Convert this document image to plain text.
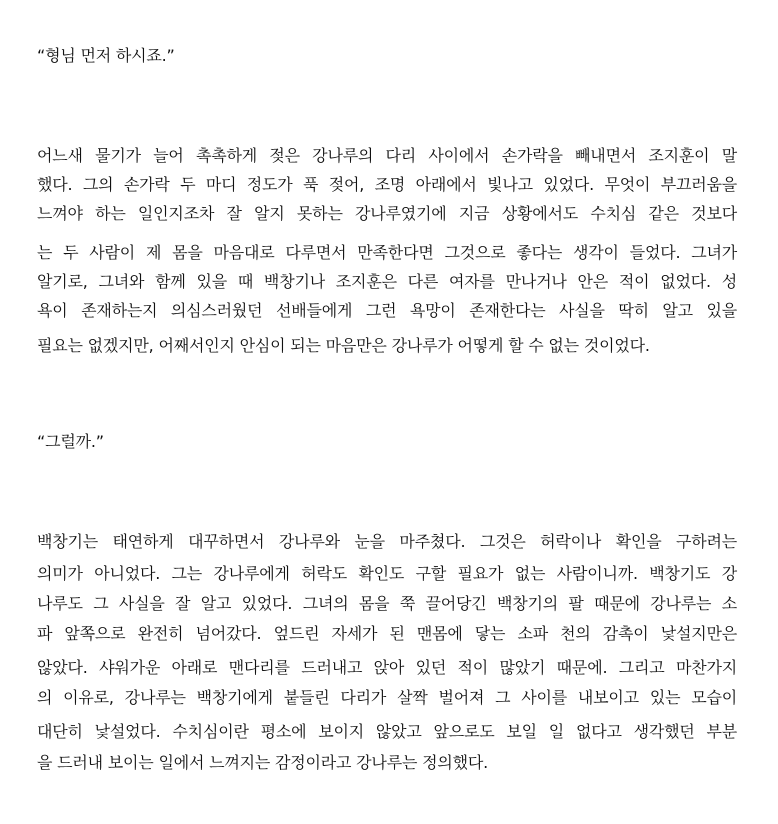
“형님 먼저 하시죠.”
어느새 물기가 늘어 촉촉하게 젖은 강나루의 다리 사이에서 손가락을 빼내면서 조지훈이 말
했다. 그의 손가락 두 마디 정도가 푹 젖어, 조명 아래에서 빛나고 있었다. 무엇이 부끄러움을
느껴야 하는 일인지조차 잘 알지 못하는 강나루였기에 지금 상황에서도 수치심 같은 것보다
는 두 사람이 제 몸을 마음대로 다루면서 만족한다면 그것으로 좋다는 생각이 들었다. 그녀가
알기로, 그녀와 함께 있을 때 백창기나 조지훈은 다른 여자를 만나거나 안은 적이 없었다. 성
욕이 존재하는지 의심스러웠던 선배들에게 그런 욕망이 존재한다는 사실을 딱히 알고 있을
필요는 없겠지만, 어째서인지 안심이 되는 마음만은 강나루가 어떻게 할 수 없는 것이었다.
“그럴까.”
백창기는 태연하게 대꾸하면서 강나루와 눈을 마주쳤다. 그것은 허락이나 확인을 구하려는
의미가 아니었다. 그는 강나루에게 허락도 확인도 구할 필요가 없는 사람이니까. 백창기도 강
나루도 그 사실을 잘 알고 있었다. 그녀의 몸을 쭉 끌어당긴 백창기의 팔 때문에 강나루는 소
파 앞쪽으로 완전히 넘어갔다. 엎드린 자세가 된 맨몸에 닿는 소파 천의 감촉이 낯설지만은
않았다. 샤워가운 아래로 맨다리를 드러내고 앉아 있던 적이 많았기 때문에. 그리고 마찬가지
의 이유로, 강나루는 백창기에게 붙들린 다리가 살짝 벌어져 그 사이를 내보이고 있는 모습이
대단히 낯설었다. 수치심이란 평소에 보이지 않았고 앞으로도 보일 일 없다고 생각했던 부분
을 드러내 보이는 일에서 느껴지는 감정이라고 강나루는 정의했다.
